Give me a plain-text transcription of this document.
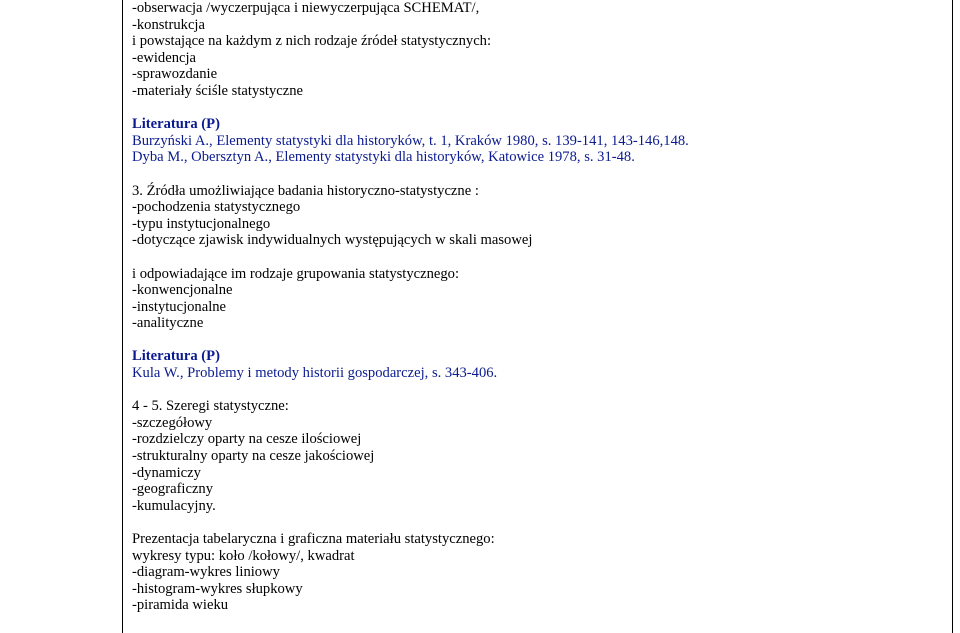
-obserwacja /wyczerpująca i niewyczerpująca SCHEMAT/,
-konstrukcja
i powstające na każdym z nich rodzaje źródeł statystycznych:
-ewidencja
-sprawozdanie
-materiały ściśle statystyczne
Literatura (P)
Burzyński A., Elementy statystyki dla historyków, t. 1, Kraków 1980, s. 139-141, 143-146,148.
Dyba M., Obersztyn A., Elementy statystyki dla historyków, Katowice 1978, s. 31-48.
3. Źródła umożliwiające badania historyczno-statystyczne :
-pochodzenia statystycznego
-typu instytucjonalnego
-dotyczące zjawisk indywidualnych występujących w skali masowej
i odpowiadające im rodzaje grupowania statystycznego:
-konwencjonalne
-instytucjonalne
-analityczne
Literatura (P)
Kula W., Problemy i metody historii gospodarczej, s. 343-406.
4 - 5. Szeregi statystyczne:
-szczegółowy
-rozdzielczy oparty na cesze ilościowej
-strukturalny oparty na cesze jakościowej
-dynamiczy
-geograficzny
-kumulacyjny.
Prezentacja tabelaryczna i graficzna materiału statystycznego:
wykresy typu: koło /kołowy/, kwadrat
-diagram-wykres liniowy
-histogram-wykres słupkowy
-piramida wieku
